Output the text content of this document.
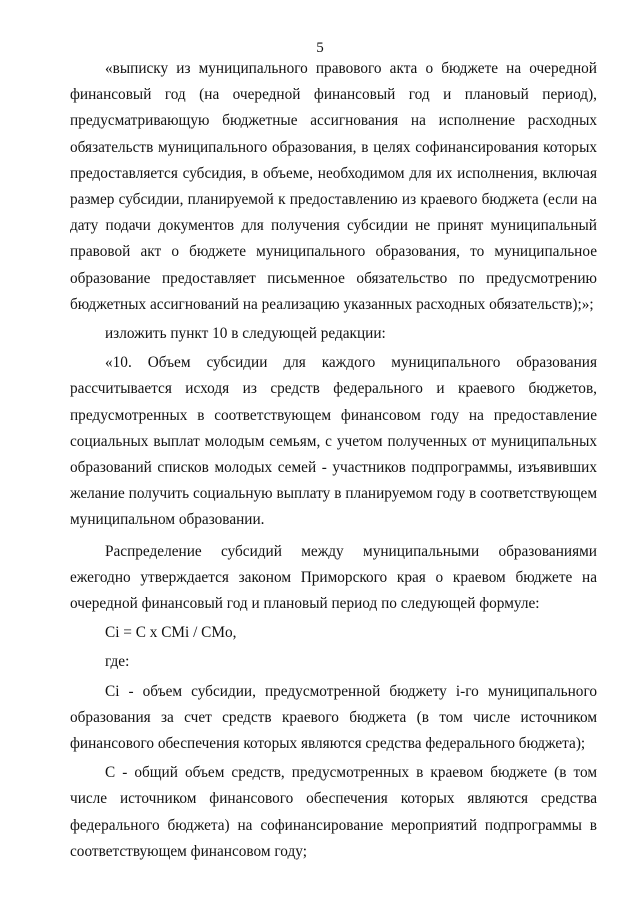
5

«выписку из муниципального правового акта о бюджете на очередной финансовый год (на очередной финансовый год и плановый период), предусматривающую бюджетные ассигнования на исполнение расходных обязательств муниципального образования, в целях софинансирования которых предоставляется субсидия, в объеме, необходимом для их исполнения, включая размер субсидии, планируемой к предоставлению из краевого бюджета (если на дату подачи документов для получения субсидии не принят муниципальный правовой акт о бюджете муниципального образования, то муниципальное образование предоставляет письменное обязательство по предусмотрению бюджетных ассигнований на реализацию указанных расходных обязательств);»;

изложить пункт 10 в следующей редакции:

«10. Объем субсидии для каждого муниципального образования рассчитывается исходя из средств федерального и краевого бюджетов, предусмотренных в соответствующем финансовом году на предоставление социальных выплат молодым семьям, с учетом полученных от муниципальных образований списков молодых семей - участников подпрограммы, изъявивших желание получить социальную выплату в планируемом году в соответствующем муниципальном образовании.

Распределение субсидий между муниципальными образованиями ежегодно утверждается законом Приморского края о краевом бюджете на очередной финансовый год и плановый период по следующей формуле:

Ci = C x CMi / CMo,

где:

Ci - объем субсидии, предусмотренной бюджету i-го муниципального образования за счет средств краевого бюджета (в том числе источником финансового обеспечения которых являются средства федерального бюджета);

C - общий объем средств, предусмотренных в краевом бюджете (в том числе источником финансового обеспечения которых являются средства федерального бюджета) на софинансирование мероприятий подпрограммы в соответствующем финансовом году;
